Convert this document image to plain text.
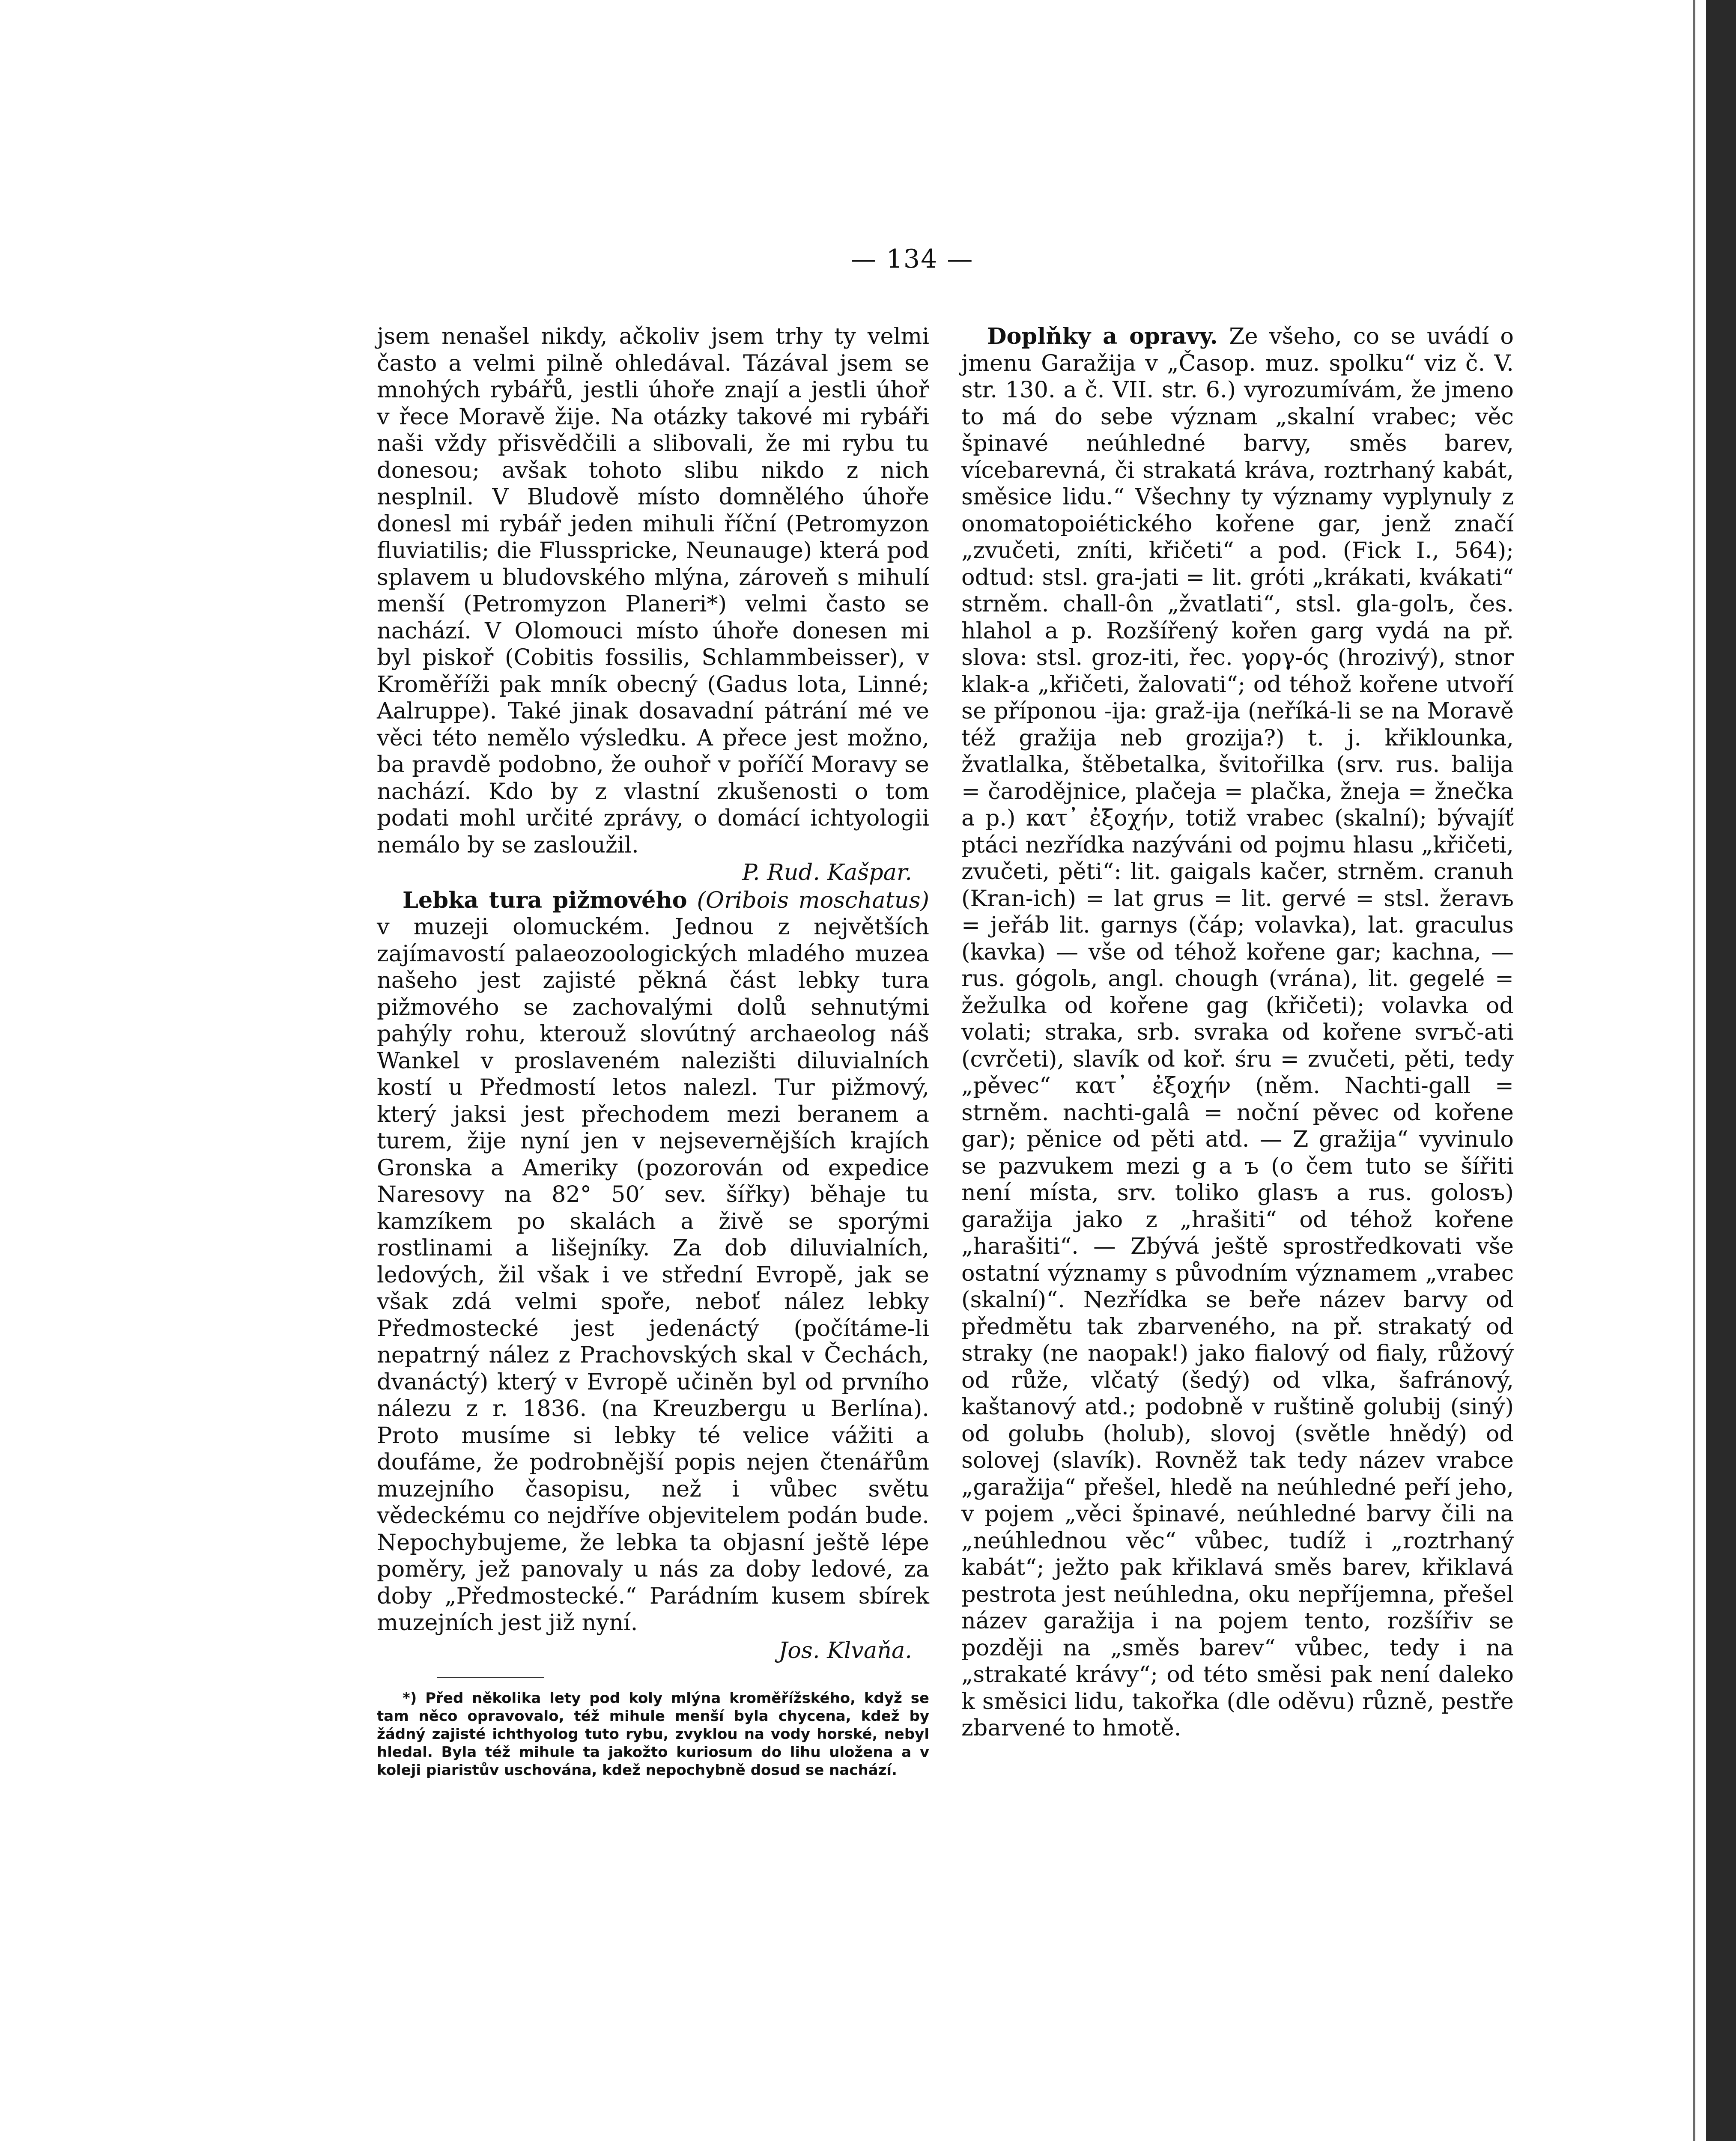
— 134 —

jsem nenašel nikdy, ačkoliv jsem trhy ty velmi často a velmi pilně ohledával. Tázával jsem se mnohých rybářů, jestli úhoře znají a jestli úhoř v řece Moravě žije. Na otázky takové mi rybáři naši vždy přisvědčili a slibovali, že mi rybu tu donesou; avšak tohoto slibu nikdo z nich nesplnil. V Bludově místo domnělého úhoře donesl mi rybář jeden mihuli říční (Petromyzon fluviatilis; die Flusspricke, Neunauge) která pod splavem u bludovského mlýna, zároveň s mihulí menší (Petromyzon Planeri*) velmi často se nachází. V Olomouci místo úhoře donesen mi byl piskoř (Cobitis fossilis, Schlammbeisser), v Kroměříži pak mník obecný (Gadus lota, Linné; Aalruppe). Také jinak dosavadní pátrání mé ve věci této nemělo výsledku. A přece jest možno, ba pravdě podobno, že ouhoř v poříčí Moravy se nachází. Kdo by z vlastní zkušenosti o tom podati mohl určité zprávy, o domácí ichtyologii nemálo by se zasloužil.

P. Rud. Kašpar.

Lebka tura pižmového (Oribois moschatus) v muzeji olomuckém. Jednou z největších zajímavostí palaeozoologických mladého muzea našeho jest zajisté pěkná část lebky tura pižmového se zachovalými dolů sehnutými pahýly rohu, kterouž slovútný archaeolog náš Wankel v proslaveném nalezišti diluvialních kostí u Předmostí letos nalezl. Tur pižmový, který jaksi jest přechodem mezi beranem a turem, žije nyní jen v nejsevernějších krajích Gronska a Ameriky (pozorován od expedice Naresovy na 82° 50′ sev. šířky) běhaje tu kamzíkem po skalách a živě se sporými rostlinami a lišejníky. Za dob diluvialních, ledových, žil však i ve střední Evropě, jak se však zdá velmi spoře, neboť nález lebky Předmostecké jest jedenáctý (počítáme-li nepatrný nález z Prachovských skal v Čechách, dvanáctý) který v Evropě učiněn byl od prvního nálezu z r. 1836. (na Kreuzbergu u Berlína). Proto musíme si lebky té velice vážiti a doufáme, že podrobnější popis nejen čtenářům muzejního časopisu, než i vůbec světu vědeckému co nejdříve objevitelem podán bude. Nepochybujeme, že lebka ta objasní ještě lépe poměry, jež panovaly u nás za doby ledové, za doby „Předmostecké.“ Parádním kusem sbírek muzejních jest již nyní.

Jos. Klvaňa.

*) Před několika lety pod koly mlýna kroměřížského, když se tam něco opravovalo, též mihule menší byla chycena, kdež by žádný zajisté ichthyolog tuto rybu, zvyklou na vody horské, nebyl hledal. Byla též mihule ta jakožto kuriosum do lihu uložena a v koleji piaristův uschována, kdež nepochybně dosud se nachází.

Doplňky a opravy. Ze všeho, co se uvádí o jmenu Garažija v „Časop. muz. spolku“ viz č. V. str. 130. a č. VII. str. 6.) vyrozumívám, že jmeno to má do sebe význam „skalní vrabec; věc špinavé neúhledné barvy, směs barev, vícebarevná, či strakatá kráva, roztrhaný kabát, směsice lidu.“ Všechny ty významy vyplynuly z onomatopoiétického kořene gar, jenž značí „zvučeti, zníti, křičeti“ a pod. (Fick I., 564); odtud: stsl. gra-jati = lit. gróti „krákati, kvákati“ strněm. chall-ôn „žvatlati“, stsl. gla-golъ, čes. hlahol a p. Rozšířený kořen garg vydá na př. slova: stsl. groz-iti, řec. γοργ-ός (hrozivý), stnor klak-a „křičeti, žalovati“; od téhož kořene utvoří se příponou -ija: graž-ija (neříká-li se na Moravě též gražija neb grozija?) t. j. křiklounka, žvatlalka, štěbetalka, švitořilka (srv. rus. balija = čarodějnice, plačeja = plačka, žneja = žnečka a p.) κατ᾽ ἐξοχήν, totiž vrabec (skalní); bývajíť ptáci nezřídka nazýváni od pojmu hlasu „křičeti, zvučeti, pěti“: lit. gaigals kačer, strněm. cranuh (Kran-ich) = lat grus = lit. gervé = stsl. žeravь = jeřáb lit. garnys (čáp; volavka), lat. graculus (kavka) — vše od téhož kořene gar; kachna, — rus. gógolь, angl. chough (vrána), lit. gegelé = žežulka od kořene gag (křičeti); volavka od volati; straka, srb. svraka od kořene svrъč-ati (cvrčeti), slavík od koř. śru = zvučeti, pěti, tedy „pěvec“ κατ᾽ ἐξοχήν (něm. Nachti-gall = strněm. nachti-galâ = noční pěvec od kořene gar); pěnice od pěti atd. — Z gražija“ vyvinulo se pazvukem mezi g a ъ (o čem tuto se šířiti není místa, srv. toliko glasъ a rus. golosъ) garažija jako z „hrašiti“ od téhož kořene „harašiti“. — Zbývá ještě sprostředkovati vše ostatní významy s původním významem „vrabec (skalní)“. Nezřídka se beře název barvy od předmětu tak zbarveného, na př. strakatý od straky (ne naopak!) jako fialový od fialy, růžový od růže, vlčatý (šedý) od vlka, šafránový, kaštanový atd.; podobně v ruštině golubij (siný) od golubь (holub), slovoj (světle hnědý) od solovej (slavík). Rovněž tak tedy název vrabce „garažija“ přešel, hledě na neúhledné peří jeho, v pojem „věci špinavé, neúhledné barvy čili na „neúhlednou věc“ vůbec, tudíž i „roztrhaný kabát“; ježto pak křiklavá směs barev, křiklavá pestrota jest neúhledna, oku nepříjemna, přešel název garažija i na pojem tento, rozšířiv se později na „směs barev“ vůbec, tedy i na „strakaté krávy“; od této směsi pak není daleko k směsici lidu, takořka (dle oděvu) různě, pestře zbarvené to hmotě.
